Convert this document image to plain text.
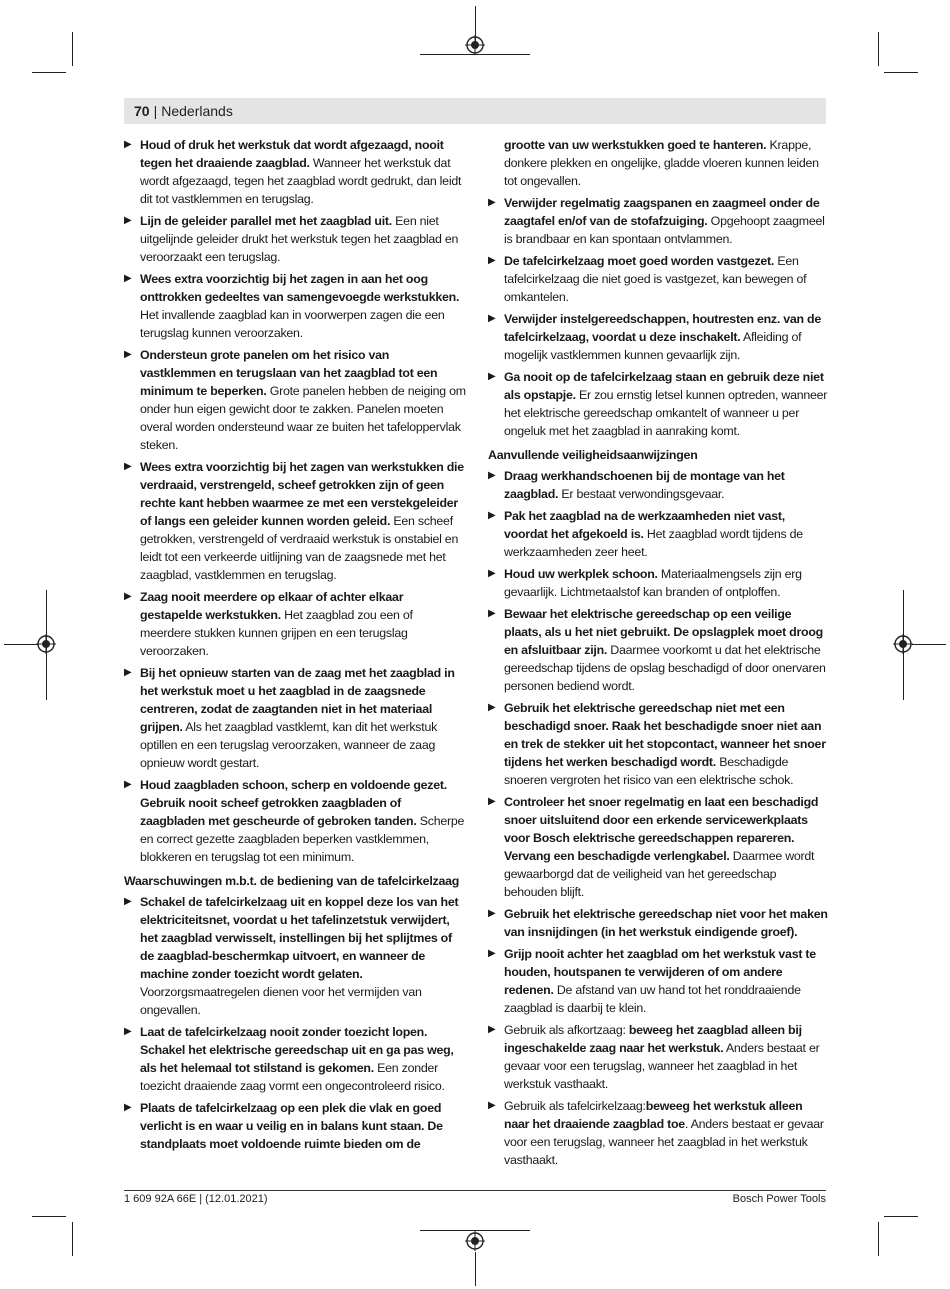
70 | Nederlands
▶ Houd of druk het werkstuk dat wordt afgezaagd, nooit tegen het draaiende zaagblad. Wanneer het werkstuk dat wordt afgezaagd, tegen het zaagblad wordt gedrukt, dan leidt dit tot vastklemmen en terugslag.
▶ Lijn de geleider parallel met het zaagblad uit. Een niet uitgelijnde geleider drukt het werkstuk tegen het zaagblad en veroorzaakt een terugslag.
▶ Wees extra voorzichtig bij het zagen in aan het oog onttrokken gedeeltes van samengevoegde werkstukken. Het invallende zaagblad kan in voorwerpen zagen die een terugslag kunnen veroorzaken.
▶ Ondersteun grote panelen om het risico van vastklemmen en terugslaan van het zaagblad tot een minimum te beperken. Grote panelen hebben de neiging om onder hun eigen gewicht door te zakken. Panelen moeten overal worden ondersteund waar ze buiten het tafeloppervlak steken.
▶ Wees extra voorzichtig bij het zagen van werkstukken die verdraaid, verstrengeld, scheef getrokken zijn of geen rechte kant hebben waarmee ze met een verstekgeleider of langs een geleider kunnen worden geleid. Een scheef getrokken, verstrengeld of verdraaid werkstuk is onstabiel en leidt tot een verkeerde uitlijning van de zaagsnede met het zaagblad, vastklemmen en terugslag.
▶ Zaag nooit meerdere op elkaar of achter elkaar gestapelde werkstukken. Het zaagblad zou een of meerdere stukken kunnen grijpen en een terugslag veroorzaken.
▶ Bij het opnieuw starten van de zaag met het zaagblad in het werkstuk moet u het zaagblad in de zaagsnede centreren, zodat de zaagtanden niet in het materiaal grijpen. Als het zaagblad vastklemt, kan dit het werkstuk optillen en een terugslag veroorzaken, wanneer de zaag opnieuw wordt gestart.
▶ Houd zaagbladen schoon, scherp en voldoende gezet. Gebruik nooit scheef getrokken zaagbladen of zaagbladen met gescheurde of gebroken tanden. Scherpe en correct gezette zaagbladen beperken vastklemmen, blokkeren en terugslag tot een minimum.
Waarschuwingen m.b.t. de bediening van de tafelcirkelzaag
▶ Schakel de tafelcirkelzaag uit en koppel deze los van het elektriciteitsnet, voordat u het tafelinzetstuk verwijdert, het zaagblad verwisselt, instellingen bij het splijtmes of de zaagblad-beschermkap uitvoert, en wanneer de machine zonder toezicht wordt gelaten. Voorzorgsmaatregelen dienen voor het vermijden van ongevallen.
▶ Laat de tafelcirkelzaag nooit zonder toezicht lopen. Schakel het elektrische gereedschap uit en ga pas weg, als het helemaal tot stilstand is gekomen. Een zonder toezicht draaiende zaag vormt een ongecontroleerd risico.
▶ Plaats de tafelcirkelzaag op een plek die vlak en goed verlicht is en waar u veilig en in balans kunt staan. De standplaats moet voldoende ruimte bieden om de
grootte van uw werkstukken goed te hanteren. Krappe, donkere plekken en ongelijke, gladde vloeren kunnen leiden tot ongevallen.
▶ Verwijder regelmatig zaagspanen en zaagmeel onder de zaagtafel en/of van de stofafzuiging. Opgehoopt zaagmeel is brandbaar en kan spontaan ontvlammen.
▶ De tafelcirkelzaag moet goed worden vastgezet. Een tafelcirkelzaag die niet goed is vastgezet, kan bewegen of omkantelen.
▶ Verwijder instelgereedschappen, houtresten enz. van de tafelcirkelzaag, voordat u deze inschakelt. Afleiding of mogelijk vastklemmen kunnen gevaarlijk zijn.
▶ Ga nooit op de tafelcirkelzaag staan en gebruik deze niet als opstapje. Er zou ernstig letsel kunnen optreden, wanneer het elektrische gereedschap omkantelt of wanneer u per ongeluk met het zaagblad in aanraking komt.
Aanvullende veiligheidsaanwijzingen
▶ Draag werkhandschoenen bij de montage van het zaagblad. Er bestaat verwondingsgevaar.
▶ Pak het zaagblad na de werkzaamheden niet vast, voordat het afgekoeld is. Het zaagblad wordt tijdens de werkzaamheden zeer heet.
▶ Houd uw werkplek schoon. Materiaalmengsels zijn erg gevaarlijk. Lichtmetaalstof kan branden of ontploffen.
▶ Bewaar het elektrische gereedschap op een veilige plaats, als u het niet gebruikt. De opslagplek moet droog en afsluitbaar zijn. Daarmee voorkomt u dat het elektrische gereedschap tijdens de opslag beschadigd of door onervaren personen bediend wordt.
▶ Gebruik het elektrische gereedschap niet met een beschadigd snoer. Raak het beschadigde snoer niet aan en trek de stekker uit het stopcontact, wanneer het snoer tijdens het werken beschadigd wordt. Beschadigde snoeren vergroten het risico van een elektrische schok.
▶ Controleer het snoer regelmatig en laat een beschadigd snoer uitsluitend door een erkende servicewerkplaats voor Bosch elektrische gereedschappen repareren. Vervang een beschadigde verlengkabel. Daarmee wordt gewaarborgd dat de veiligheid van het gereedschap behouden blijft.
▶ Gebruik het elektrische gereedschap niet voor het maken van insnijdingen (in het werkstuk eindigende groef).
▶ Grijp nooit achter het zaagblad om het werkstuk vast te houden, houtspanen te verwijderen of om andere redenen. De afstand van uw hand tot het ronddraaiende zaagblad is daarbij te klein.
▶ Gebruik als afkortzaag: beweeg het zaagblad alleen bij ingeschakelde zaag naar het werkstuk. Anders bestaat er gevaar voor een terugslag, wanneer het zaagblad in het werkstuk vasthaakt.
▶ Gebruik als tafelcirkelzaag:beweeg het werkstuk alleen naar het draaiende zaagblad toe. Anders bestaat er gevaar voor een terugslag, wanneer het zaagblad in het werkstuk vasthaakt.
1 609 92A 66E | (12.01.2021)	Bosch Power Tools
